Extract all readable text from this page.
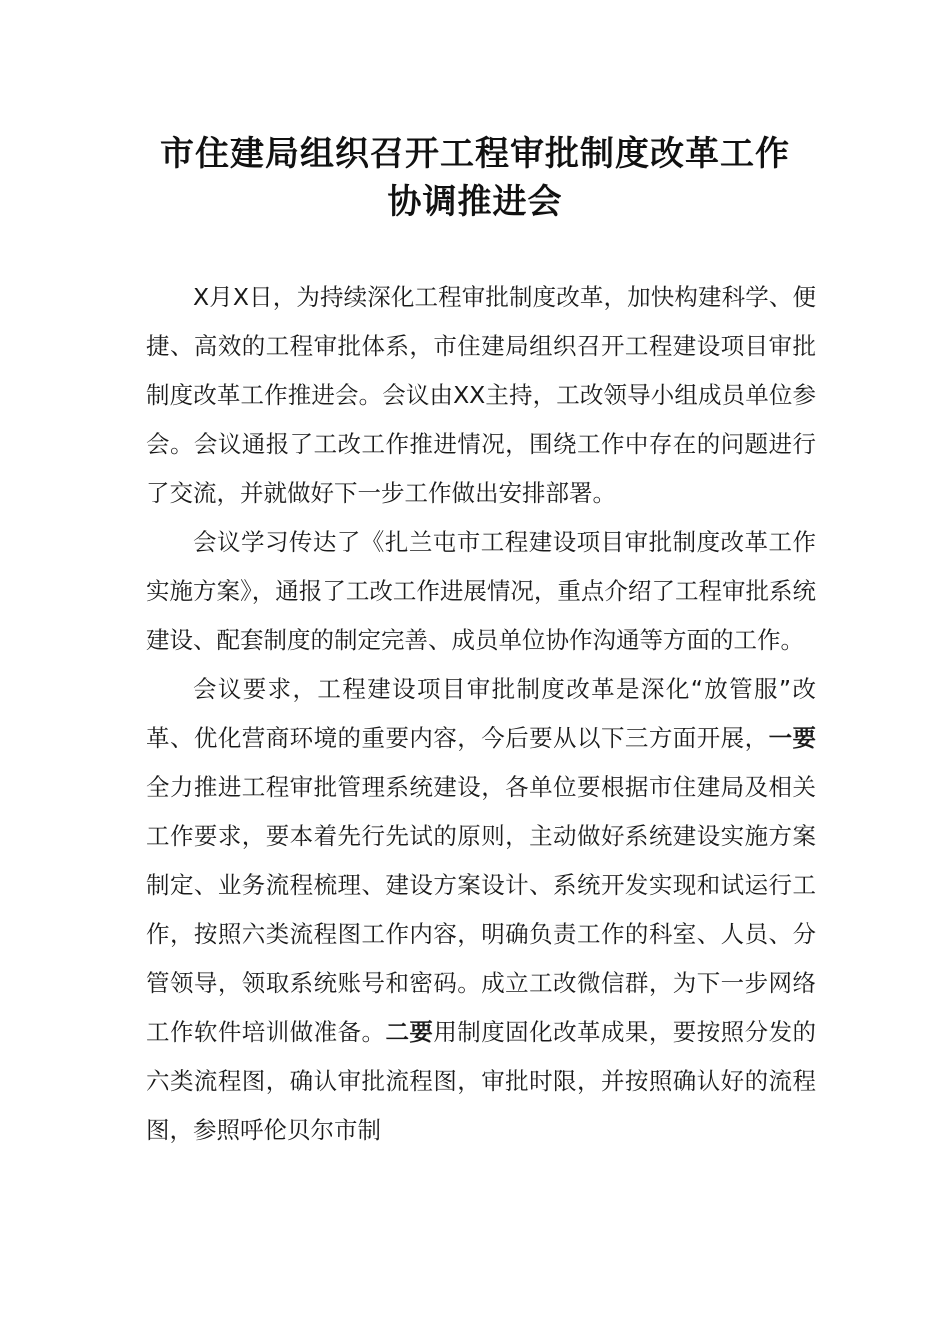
市住建局组织召开工程审批制度改革工作
协调推进会

X月X日，为持续深化工程审批制度改革，加快构建科学、便捷、高效的工程审批体系，市住建局组织召开工程建设项目审批制度改革工作推进会。会议由XX主持，工改领导小组成员单位参会。会议通报了工改工作推进情况，围绕工作中存在的问题进行了交流，并就做好下一步工作做出安排部署。

会议学习传达了《扎兰屯市工程建设项目审批制度改革工作实施方案》，通报了工改工作进展情况，重点介绍了工程审批系统建设、配套制度的制定完善、成员单位协作沟通等方面的工作。

会议要求，工程建设项目审批制度改革是深化“放管服”改革、优化营商环境的重要内容，今后要从以下三方面开展，一要全力推进工程审批管理系统建设，各单位要根据市住建局及相关工作要求，要本着先行先试的原则，主动做好系统建设实施方案制定、业务流程梳理、建设方案设计、系统开发实现和试运行工作，按照六类流程图工作内容，明确负责工作的科室、人员、分管领导，领取系统账号和密码。成立工改微信群，为下一步网络工作软件培训做准备。二要用制度固化改革成果，要按照分发的六类流程图，确认审批流程图，审批时限，并按照确认好的流程图，参照呼伦贝尔市制
